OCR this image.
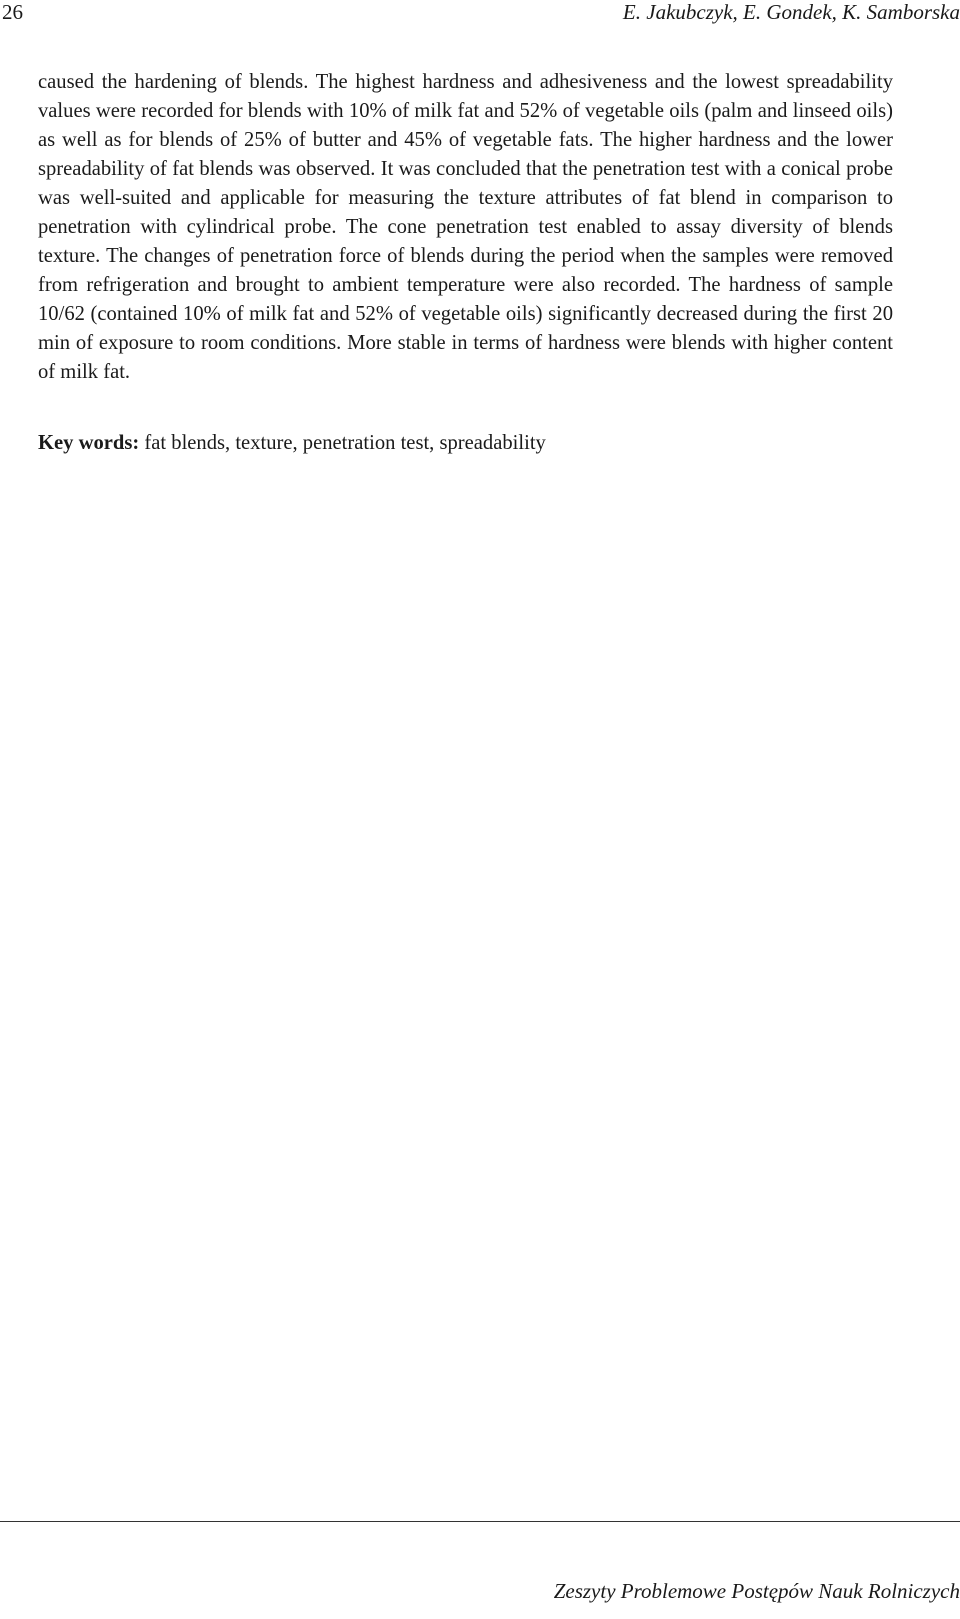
26	E. Jakubczyk, E. Gondek, K. Samborska

caused the hardening of blends. The highest hardness and adhesiveness and the lowest spreadability values were recorded for blends with 10% of milk fat and 52% of vegetable oils (palm and linseed oils) as well as for blends of 25% of butter and 45% of vegetable fats. The higher hardness and the lower spreadability of fat blends was observed. It was concluded that the penetration test with a conical probe was well-suited and applicable for measuring the texture attributes of fat blend in comparison to penetration with cylindrical probe. The cone penetration test enabled to assay diversity of blends texture. The changes of penetration force of blends during the period when the samples were removed from refrigeration and brought to ambient temperature were also recorded. The hardness of sample 10/62 (contained 10% of milk fat and 52% of vegetable oils) significantly decreased during the first 20 min of exposure to room conditions. More stable in terms of hardness were blends with higher content of milk fat.

Key words: fat blends, texture, penetration test, spreadability

Zeszyty Problemowe Postępów Nauk Rolniczych
